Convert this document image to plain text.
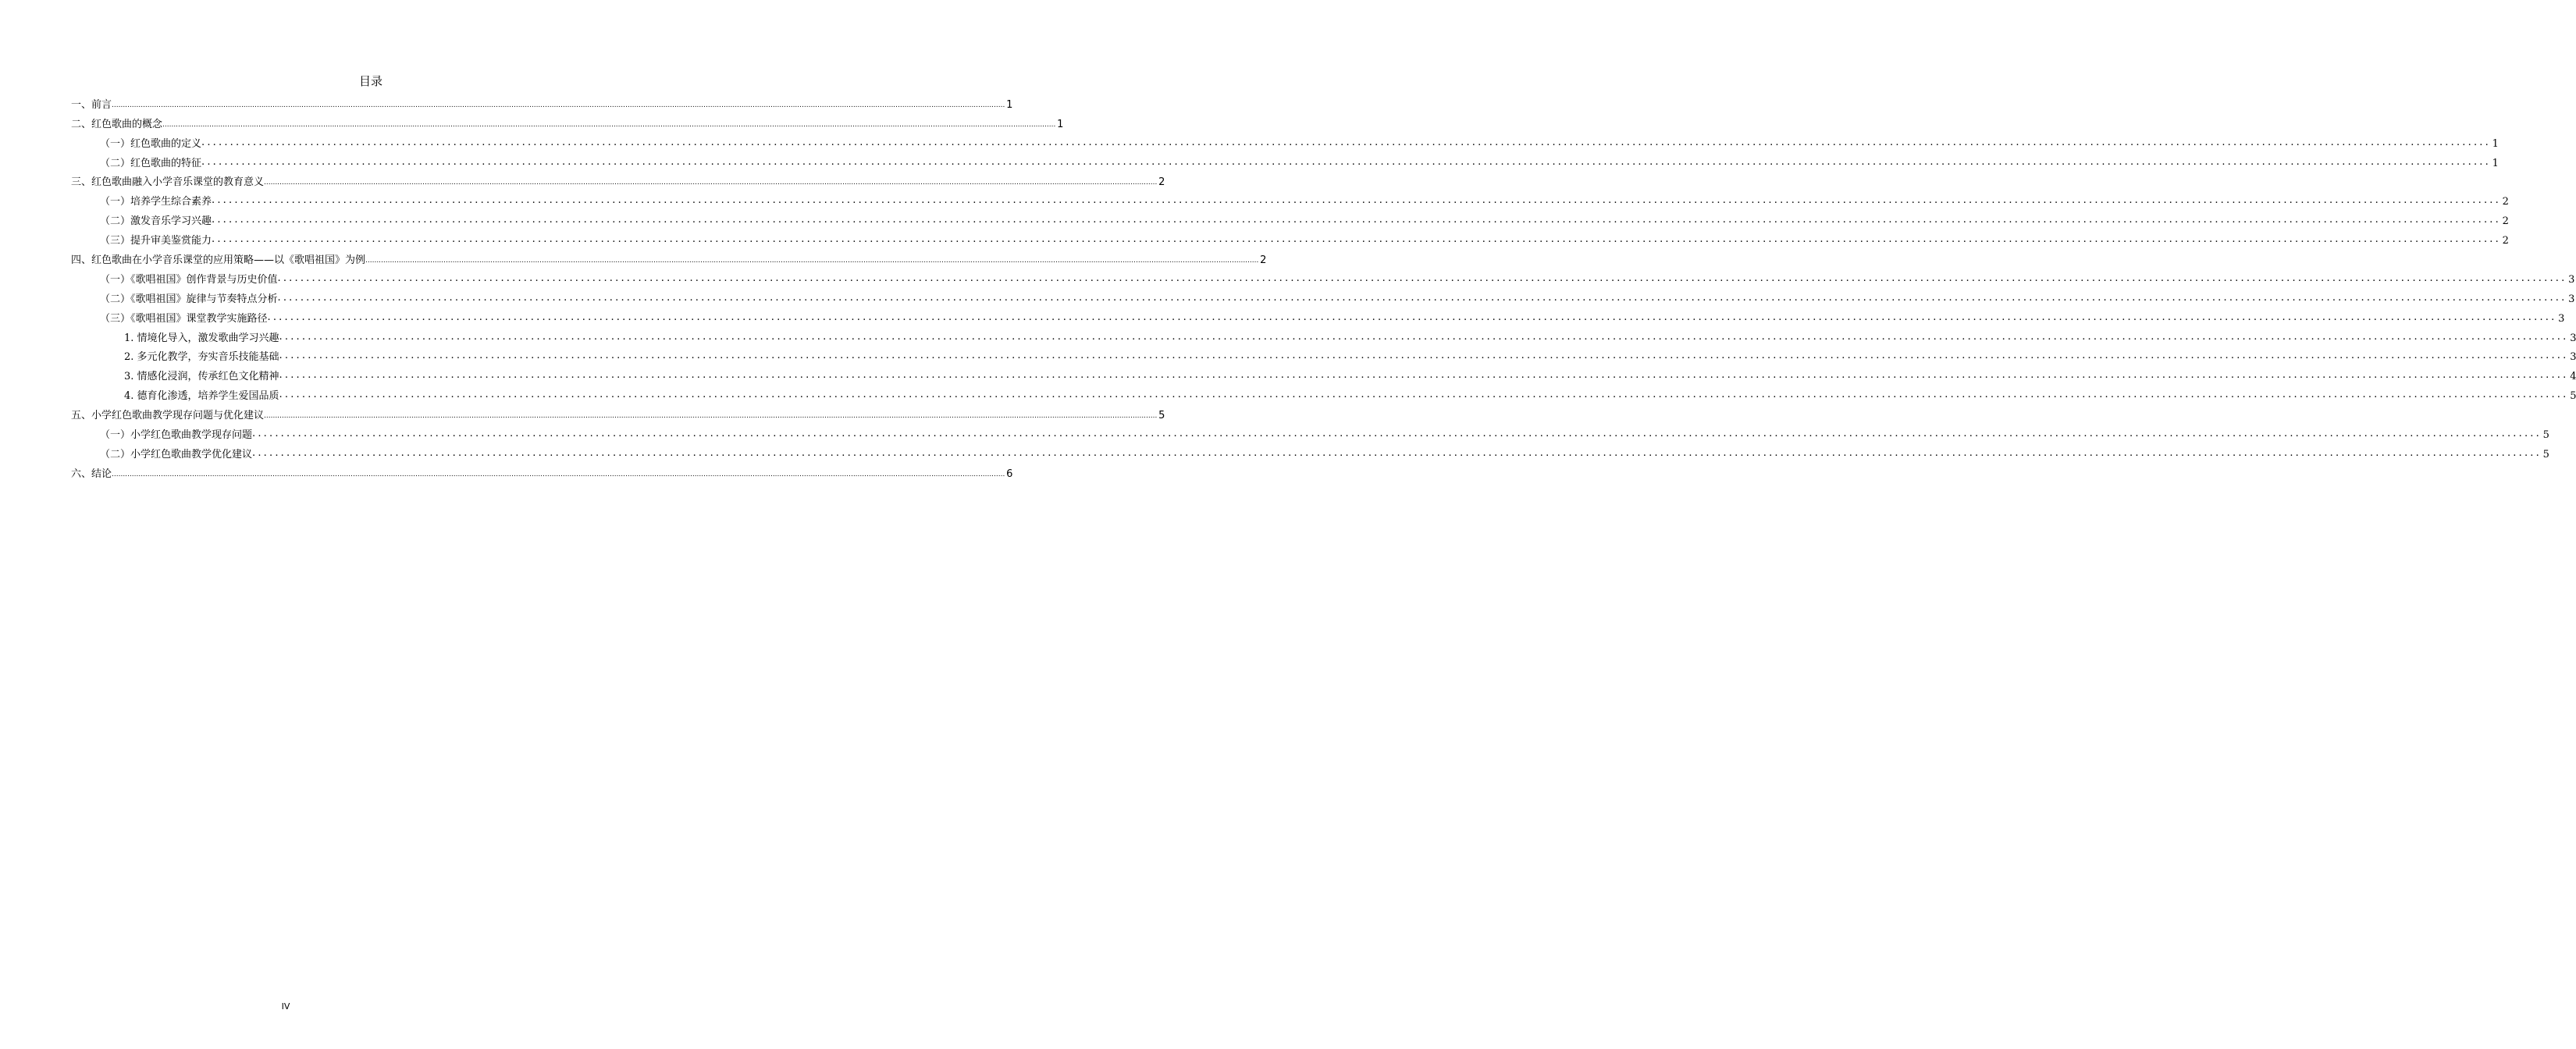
目录
一、前言 ................................................................................................................................................................................................................................................................................................................................................................................................................ 1
二、红色歌曲的概念 ................................................................................................................................................................................................................................................................................................................................................................................................................ 1
（一）红色歌曲的定义 ................................................................................................................................................................................................................................................................................................................................................................................................................ 1
（二）红色歌曲的特征 ................................................................................................................................................................................................................................................................................................................................................................................................................ 1
三、红色歌曲融入小学音乐课堂的教育意义 ................................................................................................................................................................................................................................................................................................................................................................................................................ 2
（一）培养学生综合素养 ................................................................................................................................................................................................................................................................................................................................................................................................................ 2
（二）激发音乐学习兴趣 ................................................................................................................................................................................................................................................................................................................................................................................................................ 2
（三）提升审美鉴赏能力 ................................................................................................................................................................................................................................................................................................................................................................................................................ 2
四、红色歌曲在小学音乐课堂的应用策略——以《歌唱祖国》为例 ................................................................................................................................................................................................................................................................................................................................................................................................................ 2
（一）《歌唱祖国》创作背景与历史价值 ................................................................................................................................................................................................................................................................................................................................................................................................................ 3
（二）《歌唱祖国》旋律与节奏特点分析 ................................................................................................................................................................................................................................................................................................................................................................................................................ 3
（三）《歌唱祖国》课堂教学实施路径 ................................................................................................................................................................................................................................................................................................................................................................................................................ 3
1. 情境化导入，激发歌曲学习兴趣 ................................................................................................................................................................................................................................................................................................................................................................................................................ 3
2. 多元化教学，夯实音乐技能基础 ................................................................................................................................................................................................................................................................................................................................................................................................................ 3
3. 情感化浸润，传承红色文化精神 ................................................................................................................................................................................................................................................................................................................................................................................................................ 4
4. 德育化渗透，培养学生爱国品质 ................................................................................................................................................................................................................................................................................................................................................................................................................ 5
五、小学红色歌曲教学现存问题与优化建议 ................................................................................................................................................................................................................................................................................................................................................................................................................ 5
（一）小学红色歌曲教学现存问题 ................................................................................................................................................................................................................................................................................................................................................................................................................ 5
（二）小学红色歌曲教学优化建议 ................................................................................................................................................................................................................................................................................................................................................................................................................ 5
六、结论 ................................................................................................................................................................................................................................................................................................................................................................................................................ 6
IV
